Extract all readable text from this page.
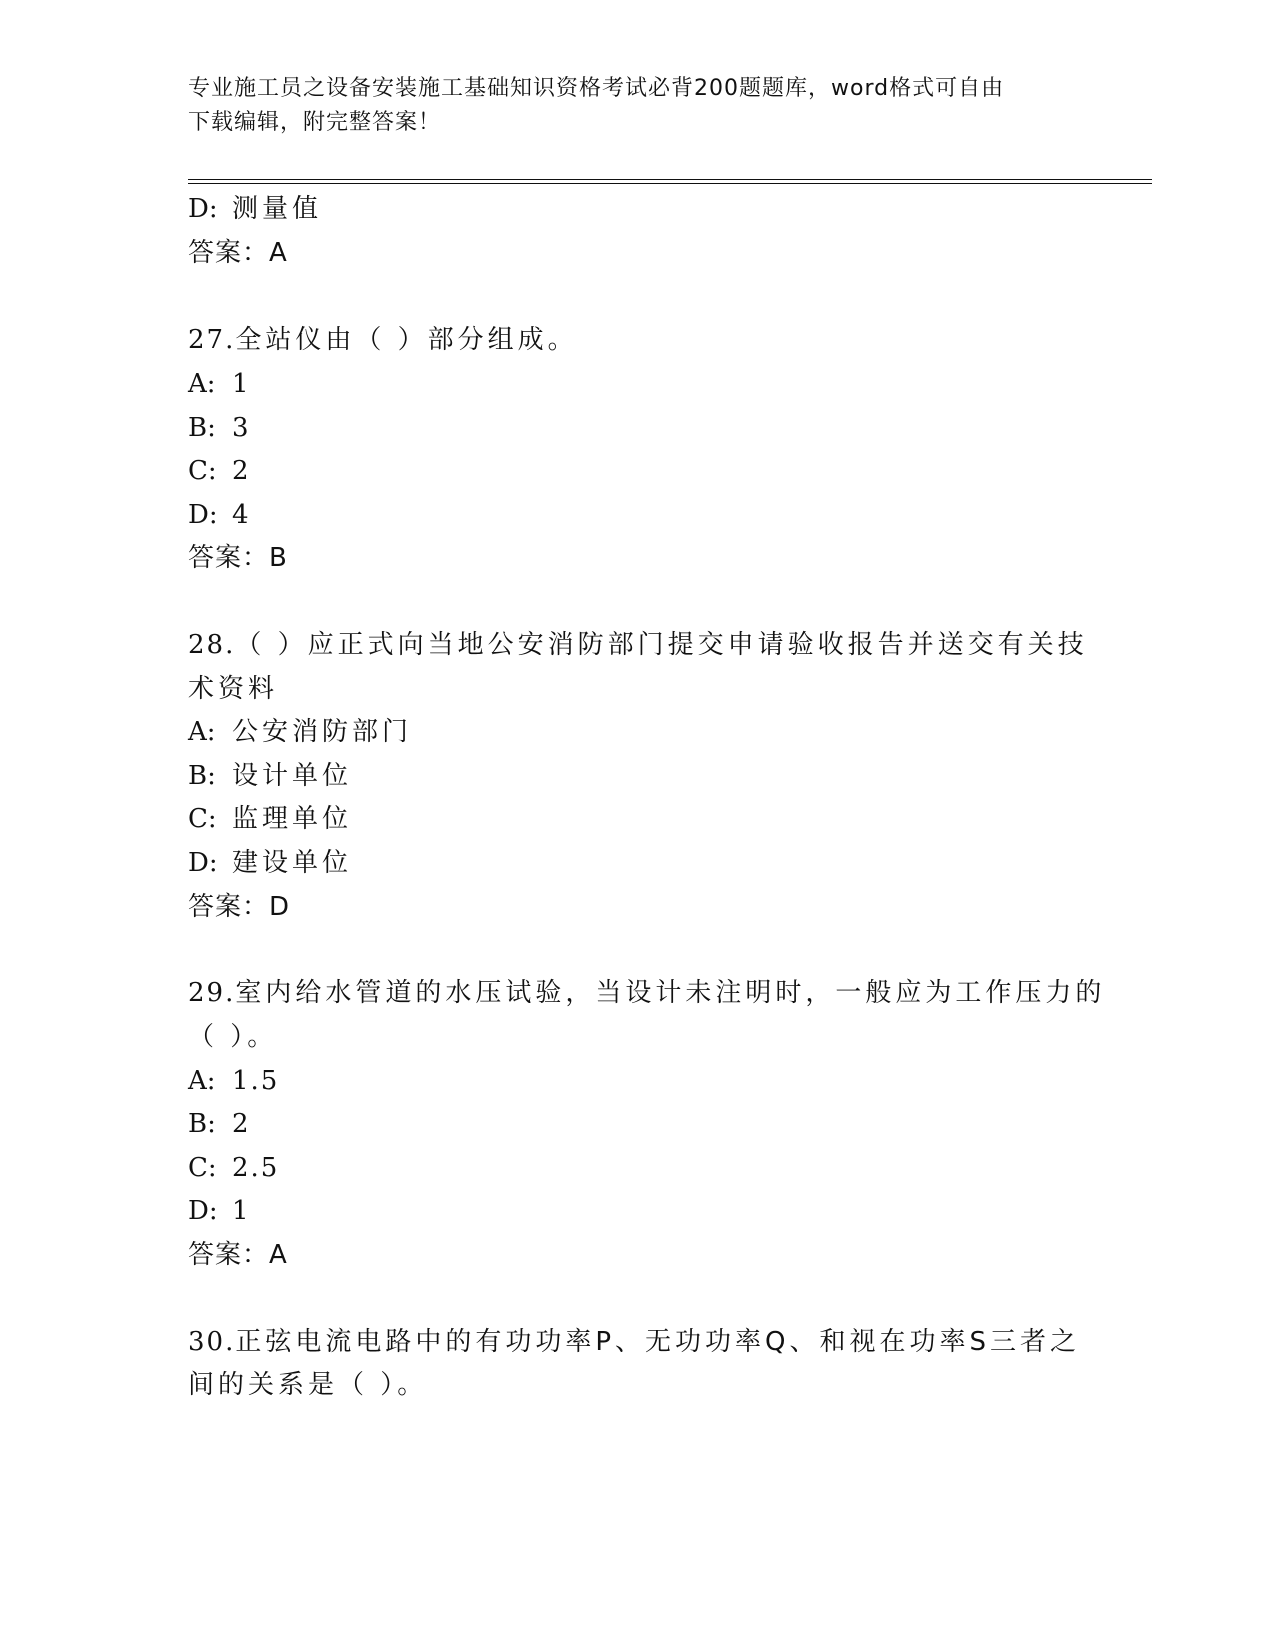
专业施工员之设备安装施工基础知识资格考试必背200题题库，word格式可自由
下载编辑，附完整答案！
D: 测量值
答案：A
27.全站仪由（ ）部分组成。
A: 1
B: 3
C: 2
D: 4
答案：B
28.（ ）应正式向当地公安消防部门提交申请验收报告并送交有关技
术资料
A: 公安消防部门
B: 设计单位
C: 监理单位
D: 建设单位
答案：D
29.室内给水管道的水压试验，当设计未注明时，一般应为工作压力的
（ ）。
A: 1.5
B: 2
C: 2.5
D: 1
答案：A
30.正弦电流电路中的有功功率P、无功功率Q、和视在功率S三者之
间的关系是（ ）。
